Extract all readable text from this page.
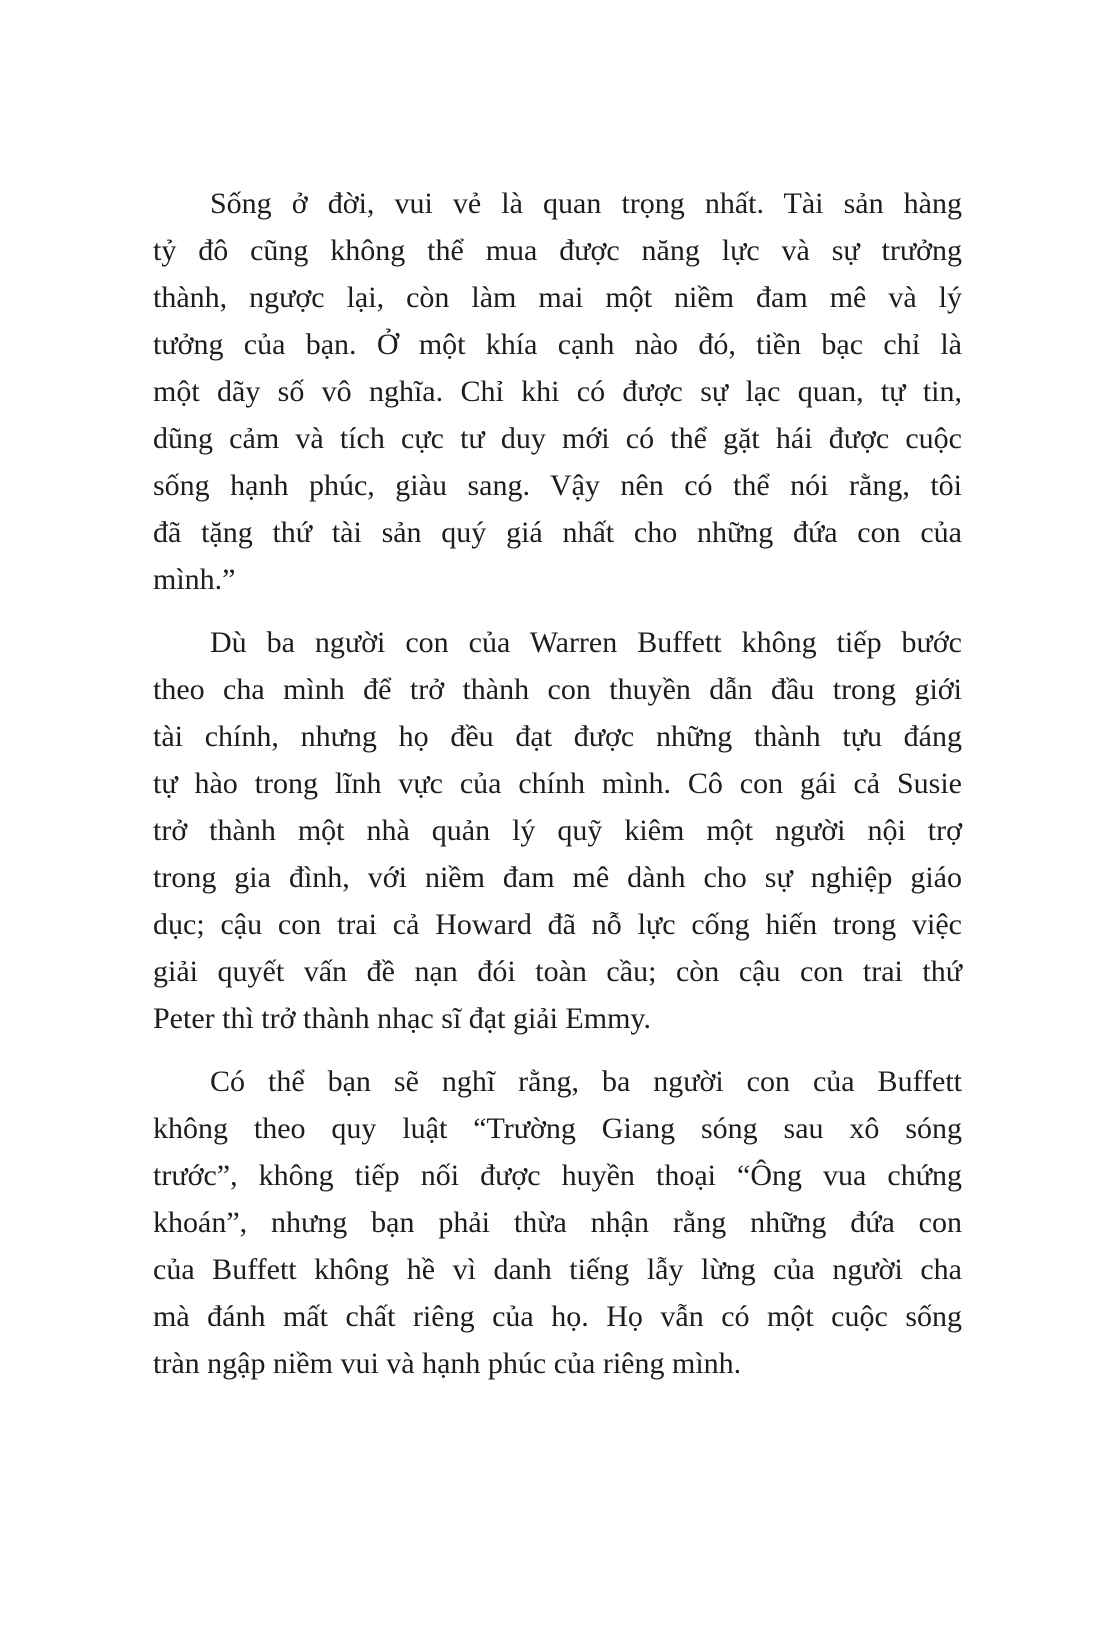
Sống ở đời, vui vẻ là quan trọng nhất. Tài sản hàng
tỷ đô cũng không thể mua được năng lực và sự trưởng
thành, ngược lại, còn làm mai một niềm đam mê và lý
tưởng của bạn. Ở một khía cạnh nào đó, tiền bạc chỉ là
một dãy số vô nghĩa. Chỉ khi có được sự lạc quan, tự tin,
dũng cảm và tích cực tư duy mới có thể gặt hái được cuộc
sống hạnh phúc, giàu sang. Vậy nên có thể nói rằng, tôi
đã tặng thứ tài sản quý giá nhất cho những đứa con của
mình.”
Dù ba người con của Warren Buffett không tiếp bước
theo cha mình để trở thành con thuyền dẫn đầu trong giới
tài chính, nhưng họ đều đạt được những thành tựu đáng
tự hào trong lĩnh vực của chính mình. Cô con gái cả Susie
trở thành một nhà quản lý quỹ kiêm một người nội trợ
trong gia đình, với niềm đam mê dành cho sự nghiệp giáo
dục; cậu con trai cả Howard đã nỗ lực cống hiến trong việc
giải quyết vấn đề nạn đói toàn cầu; còn cậu con trai thứ
Peter thì trở thành nhạc sĩ đạt giải Emmy.
Có thể bạn sẽ nghĩ rằng, ba người con của Buffett
không theo quy luật “Trường Giang sóng sau xô sóng
trước”, không tiếp nối được huyền thoại “Ông vua chứng
khoán”, nhưng bạn phải thừa nhận rằng những đứa con
của Buffett không hề vì danh tiếng lẫy lừng của người cha
mà đánh mất chất riêng của họ. Họ vẫn có một cuộc sống
tràn ngập niềm vui và hạnh phúc của riêng mình.
